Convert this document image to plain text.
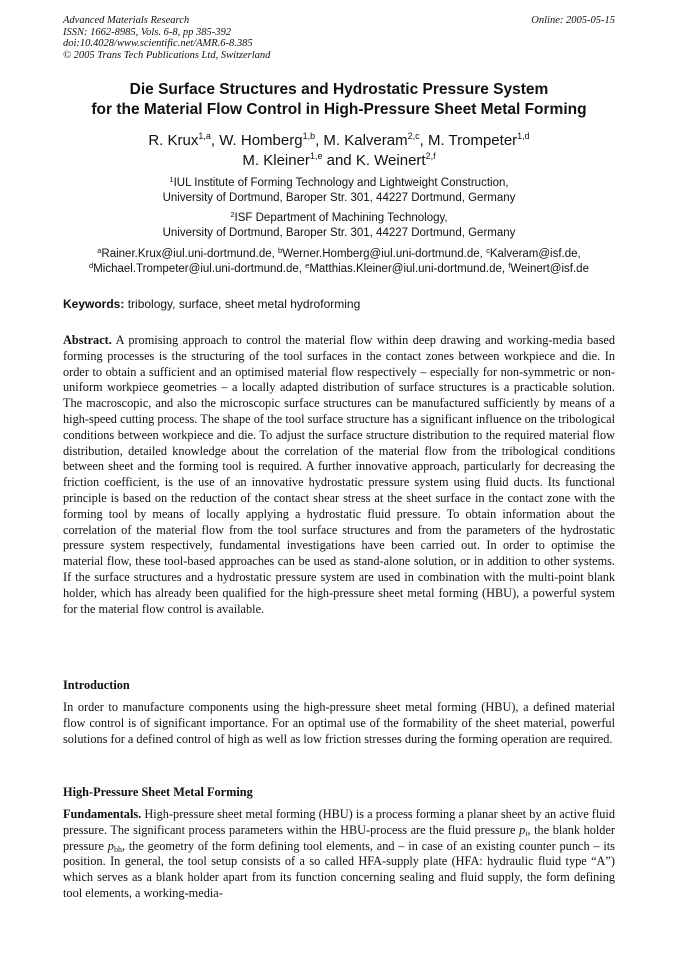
Advanced Materials Research
ISSN: 1662-8985, Vols. 6-8, pp 385-392
doi:10.4028/www.scientific.net/AMR.6-8.385
© 2005 Trans Tech Publications Ltd, Switzerland
Online: 2005-05-15
Die Surface Structures and Hydrostatic Pressure System
for the Material Flow Control in High-Pressure Sheet Metal Forming
R. Krux$^{1,a}$, W. Homberg$^{1,b}$, M. Kalveram$^{2,c}$, M. Trompeter$^{1,d}$
M. Kleiner$^{1,e}$ and K. Weinert$^{2,f}$
$^1$IUL Institute of Forming Technology and Lightweight Construction,
University of Dortmund, Baroper Str. 301, 44227 Dortmund, Germany
$^2$ISF Department of Machining Technology,
University of Dortmund, Baroper Str. 301, 44227 Dortmund, Germany
$^a$Rainer.Krux@iul.uni-dortmund.de, $^b$Werner.Homberg@iul.uni-dortmund.de, $^c$Kalveram@isf.de,
$^d$Michael.Trompeter@iul.uni-dortmund.de, $^e$Matthias.Kleiner@iul.uni-dortmund.de, $^f$Weinert@isf.de
Keywords: tribology, surface, sheet metal hydroforming
Abstract. A promising approach to control the material flow within deep drawing and working-media based forming processes is the structuring of the tool surfaces in the contact zones between workpiece and die. In order to obtain a sufficient and an optimised material flow respectively – especially for non-symmetric or non-uniform workpiece geometries – a locally adapted distribution of surface structures is a practicable solution. The macroscopic, and also the microscopic surface structures can be manufactured sufficiently by means of a high-speed cutting process. The shape of the tool surface structure has a significant influence on the tribological conditions between workpiece and die. To adjust the surface structure distribution to the required material flow distribution, detailed knowledge about the correlation of the material flow from the tribological conditions between sheet and the forming tool is required. A further innovative approach, particularly for decreasing the friction coefficient, is the use of an innovative hydrostatic pressure system using fluid ducts. Its functional principle is based on the reduction of the contact shear stress at the sheet surface in the contact zone with the forming tool by means of locally applying a hydrostatic fluid pressure. To obtain information about the correlation of the material flow from the tool surface structures and from the parameters of the hydrostatic pressure system respectively, fundamental investigations have been carried out. In order to optimise the material flow, these tool-based approaches can be used as stand-alone solution, or in addition to other systems. If the surface structures and a hydrostatic pressure system are used in combination with the multi-point blank holder, which has already been qualified for the high-pressure sheet metal forming (HBU), a powerful system for the material flow control is available.
Introduction
In order to manufacture components using the high-pressure sheet metal forming (HBU), a defined material flow control is of significant importance. For an optimal use of the formability of the sheet material, powerful solutions for a defined control of high as well as low friction stresses during the forming operation are required.
High-Pressure Sheet Metal Forming
Fundamentals. High-pressure sheet metal forming (HBU) is a process forming a planar sheet by an active fluid pressure. The significant process parameters within the HBU-process are the fluid pressure $p_i$, the blank holder pressure $p_{bh}$, the geometry of the form defining tool elements, and – in case of an existing counter punch – its position. In general, the tool setup consists of a so called HFA-supply plate (HFA: hydraulic fluid type “A”) which serves as a blank holder apart from its function concerning sealing and fluid supply, the form defining tool elements, a working-media-
